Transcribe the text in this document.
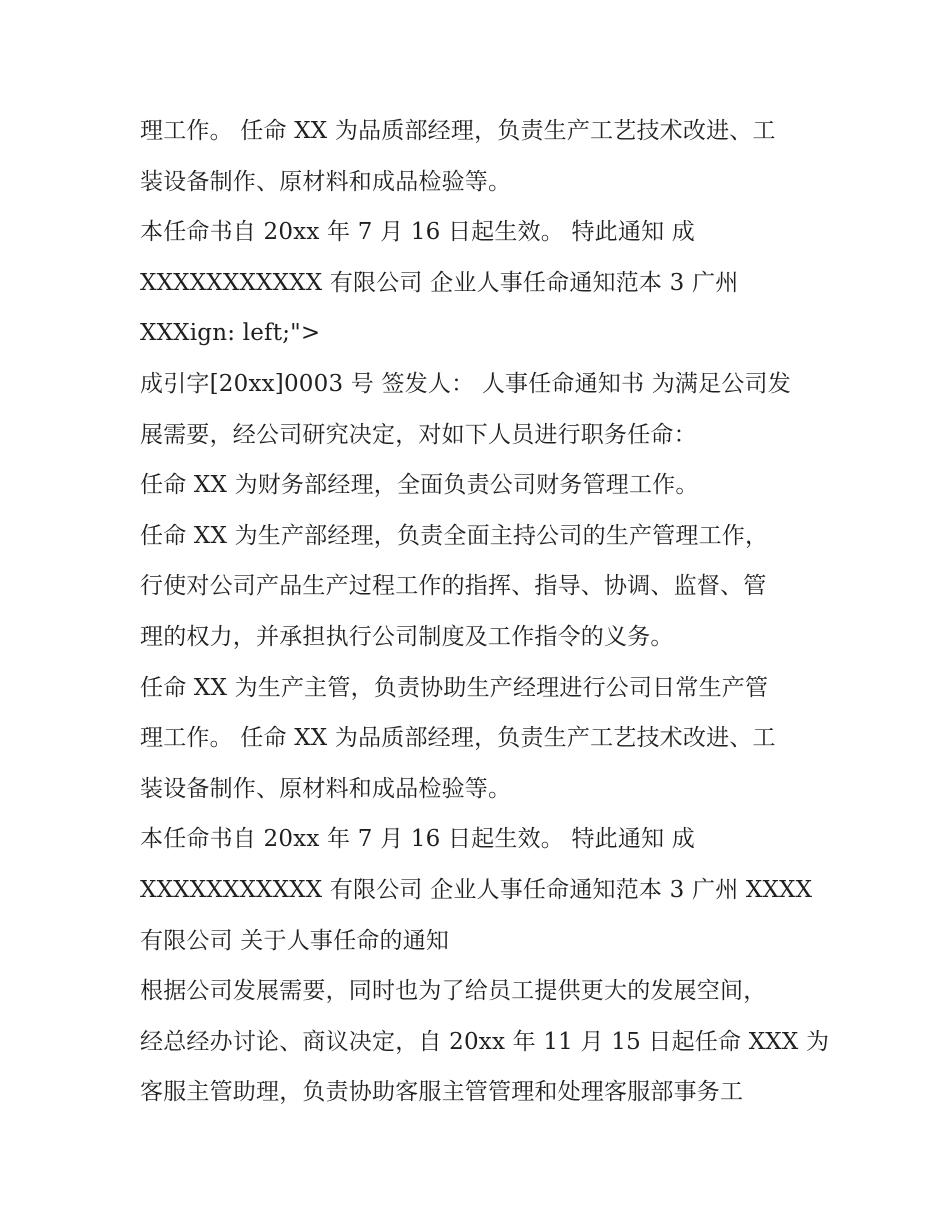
理工作。 任命 XX 为品质部经理，负责生产工艺技术改进、工
装设备制作、原材料和成品检验等。
本任命书自 20xx 年 7 月 16 日起生效。 特此通知 成
XXXXXXXXXXX 有限公司 企业人事任命通知范本 3 广州
XXXign: left;">
成引字[20xx]0003 号 签发人： 人事任命通知书 为满足公司发
展需要，经公司研究决定，对如下人员进行职务任命：
任命 XX 为财务部经理，全面负责公司财务管理工作。
任命 XX 为生产部经理，负责全面主持公司的生产管理工作，
行使对公司产品生产过程工作的指挥、指导、协调、监督、管
理的权力，并承担执行公司制度及工作指令的义务。
任命 XX 为生产主管，负责协助生产经理进行公司日常生产管
理工作。 任命 XX 为品质部经理，负责生产工艺技术改进、工
装设备制作、原材料和成品检验等。
本任命书自 20xx 年 7 月 16 日起生效。 特此通知 成
XXXXXXXXXXX 有限公司 企业人事任命通知范本 3 广州 XXXX
有限公司 关于人事任命的通知
根据公司发展需要，同时也为了给员工提供更大的发展空间，
经总经办讨论、商议决定，自 20xx 年 11 月 15 日起任命 XXX 为
客服主管助理，负责协助客服主管管理和处理客服部事务工
